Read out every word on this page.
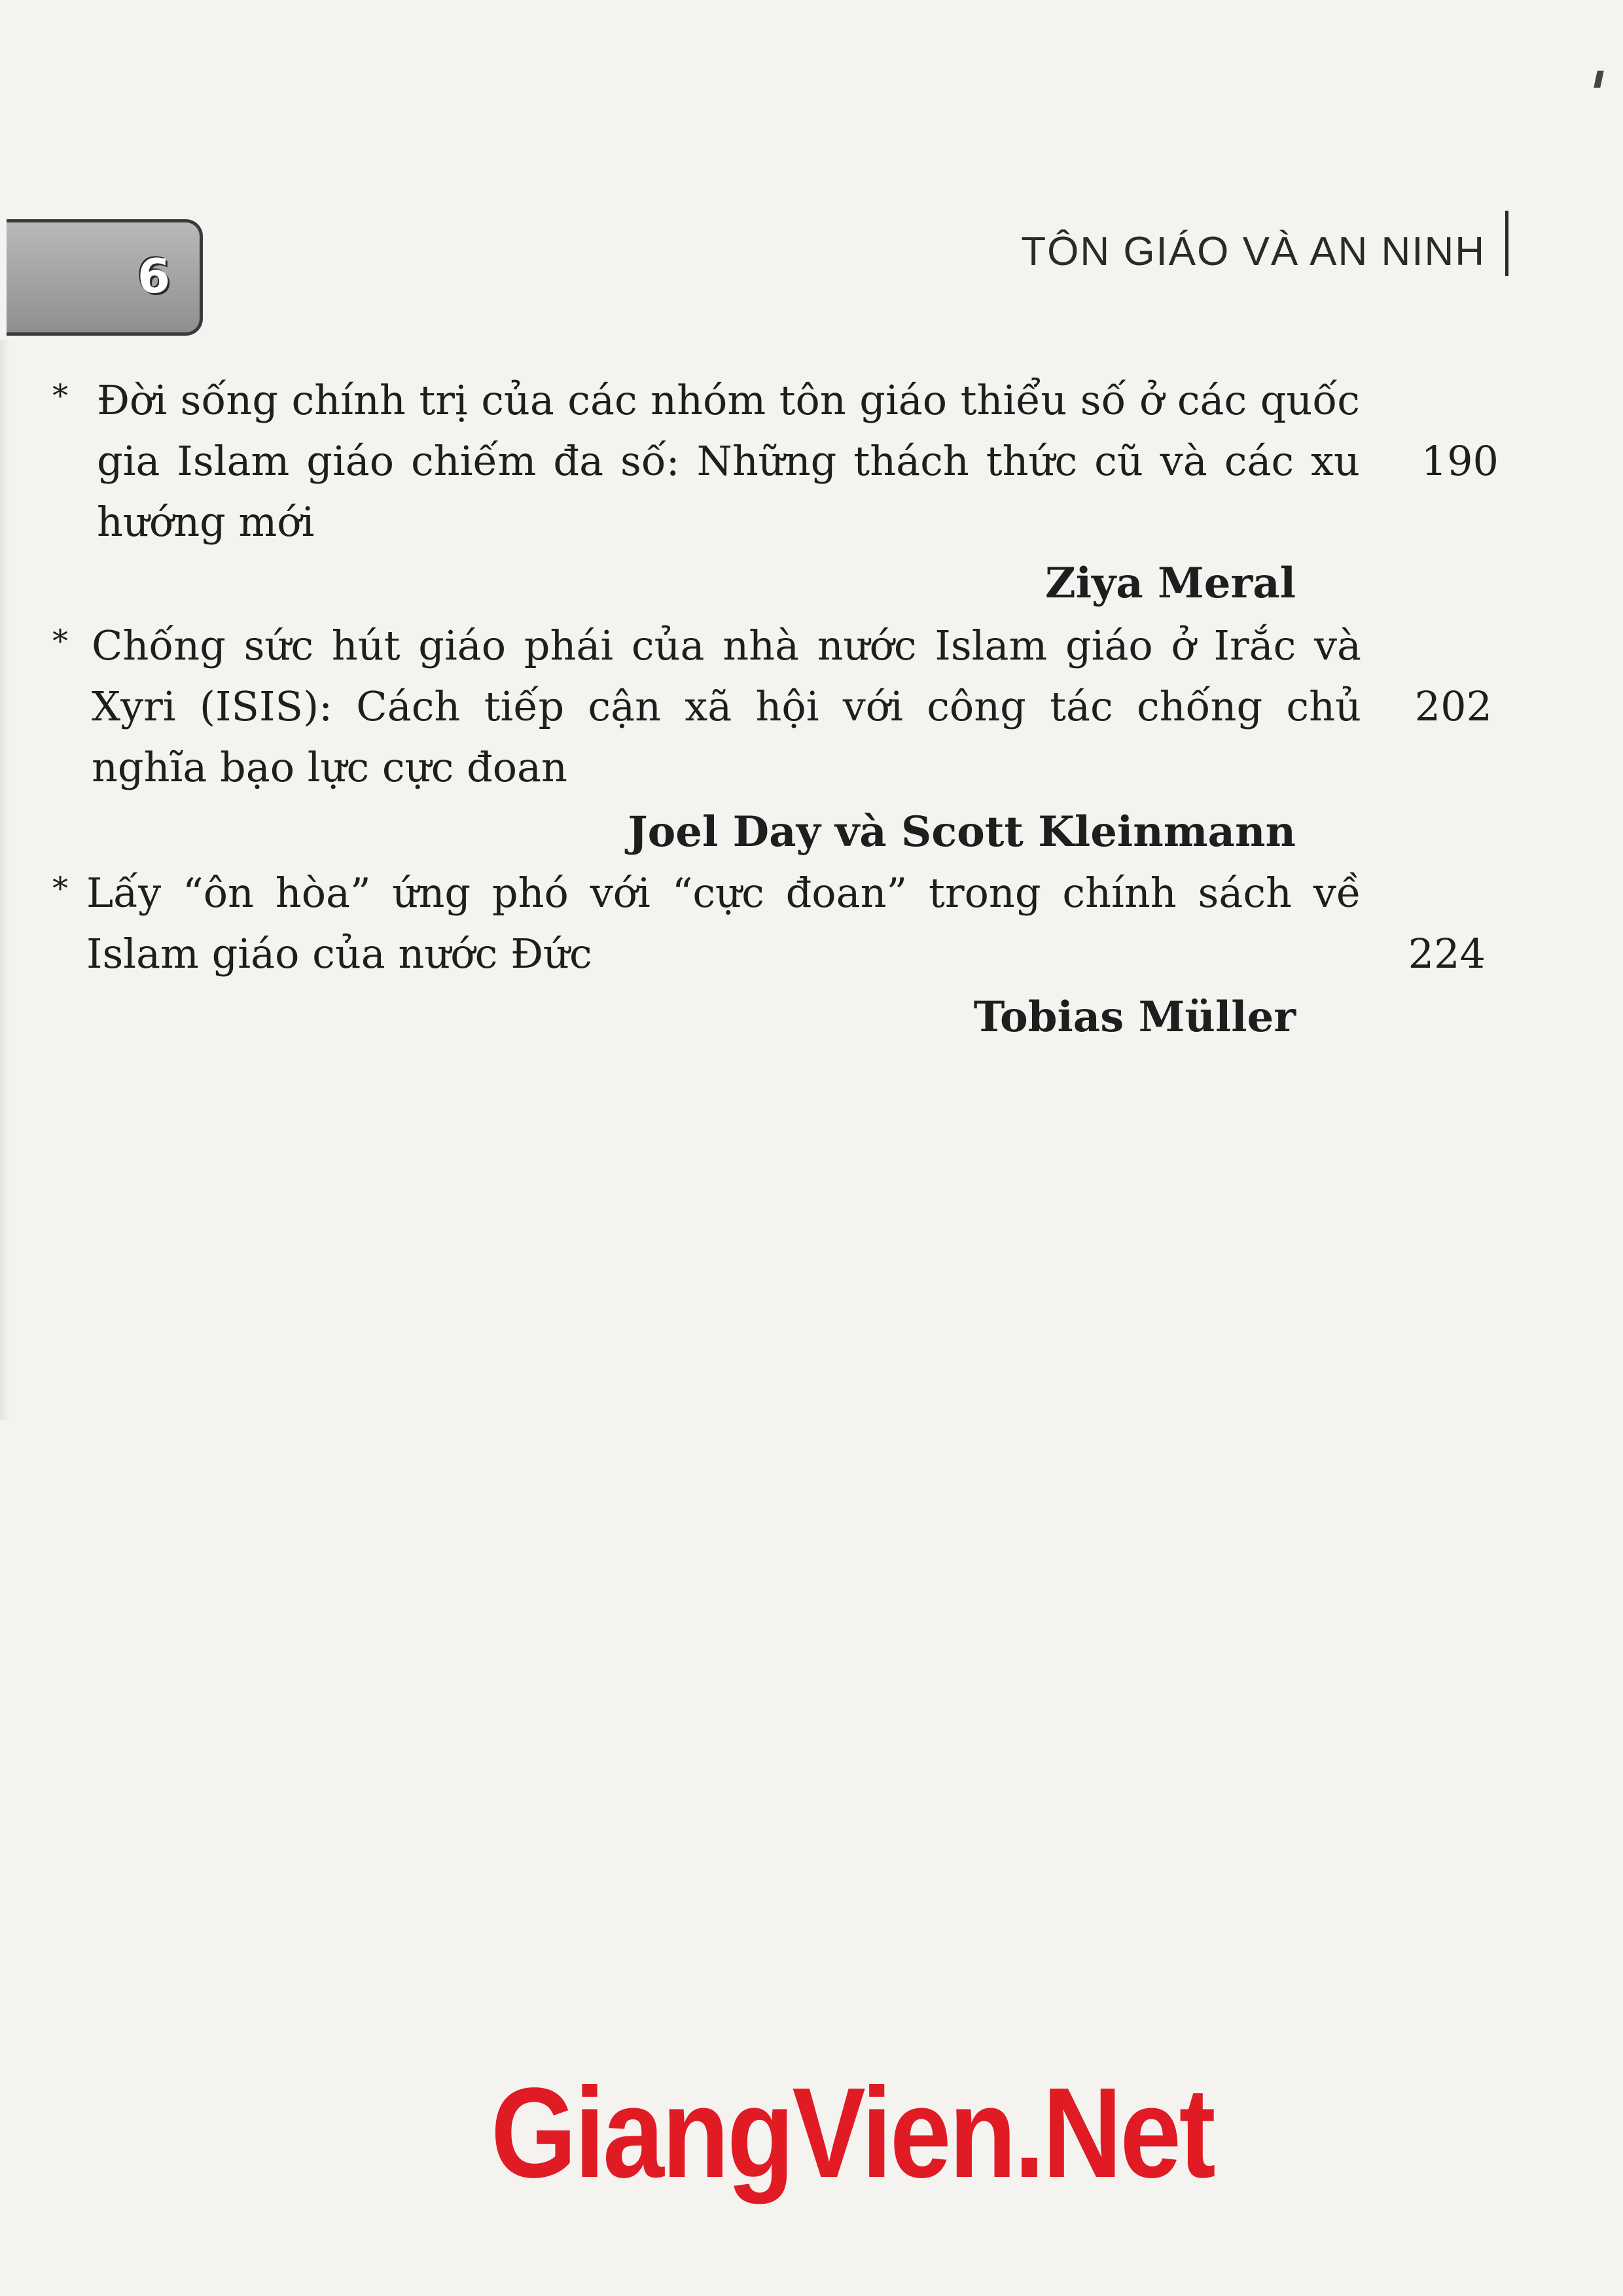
6	TÔN GIÁO VÀ AN NINH
* Đời sống chính trị của các nhóm tôn giáo thiểu số ở các quốc gia Islam giáo chiếm đa số: Những thách thức cũ và các xu hướng mới
190
Ziya Meral
* Chống sức hút giáo phái của nhà nước Islam giáo ở Irắc và Xyri (ISIS): Cách tiếp cận xã hội với công tác chống chủ nghĩa bạo lực cực đoan
202
Joel Day và Scott Kleinmann
* Lấy “ôn hòa” ứng phó với “cực đoan” trong chính sách về Islam giáo của nước Đức	224
Tobias Müller
GiangVien.Net
